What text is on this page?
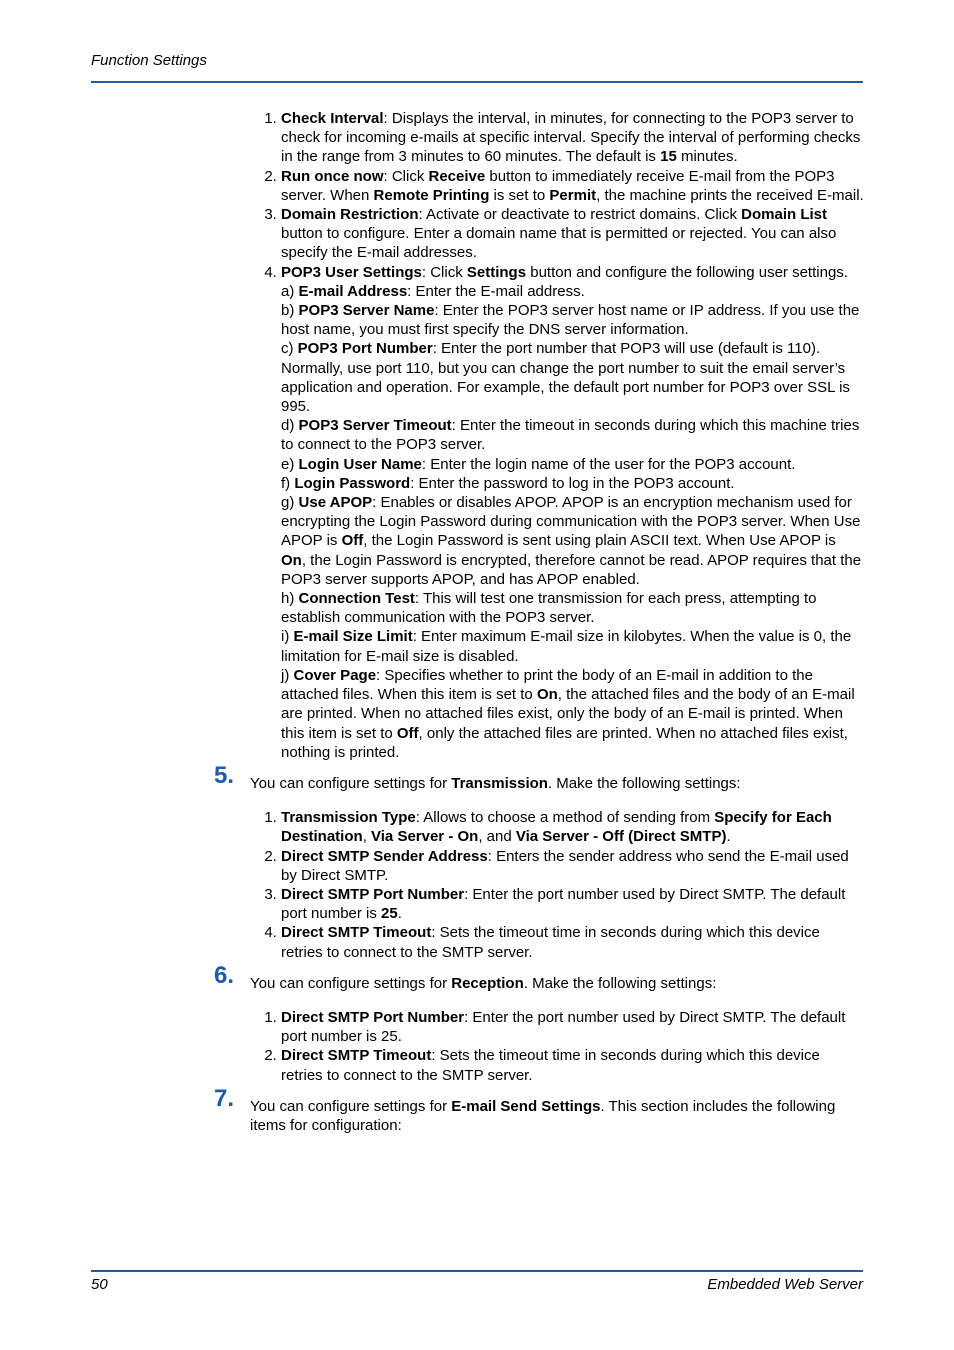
Function Settings
1. Check Interval: Displays the interval, in minutes, for connecting to the POP3 server to check for incoming e-mails at specific interval. Specify the interval of performing checks in the range from 3 minutes to 60 minutes. The default is 15 minutes.
2. Run once now: Click Receive button to immediately receive E-mail from the POP3 server. When Remote Printing is set to Permit, the machine prints the received E-mail.
3. Domain Restriction: Activate or deactivate to restrict domains. Click Domain List button to configure. Enter a domain name that is permitted or rejected. You can also specify the E-mail addresses.
4. POP3 User Settings: Click Settings button and configure the following user settings.

a) E-mail Address: Enter the E-mail address.

b) POP3 Server Name: Enter the POP3 server host name or IP address. If you use the host name, you must first specify the DNS server information.

c) POP3 Port Number: Enter the port number that POP3 will use (default is 110). Normally, use port 110, but you can change the port number to suit the email server’s application and operation. For example, the default port number for POP3 over SSL is 995.

d) POP3 Server Timeout: Enter the timeout in seconds during which this machine tries to connect to the POP3 server.

e) Login User Name: Enter the login name of the user for the POP3 account.

f) Login Password: Enter the password to log in the POP3 account.

g) Use APOP: Enables or disables APOP. APOP is an encryption mechanism used for encrypting the Login Password during communication with the POP3 server. When Use APOP is Off, the Login Password is sent using plain ASCII text. When Use APOP is On, the Login Password is encrypted, therefore cannot be read. APOP requires that the POP3 server supports APOP, and has APOP enabled.

h) Connection Test: This will test one transmission for each press, attempting to establish communication with the POP3 server.

i) E-mail Size Limit: Enter maximum E-mail size in kilobytes. When the value is 0, the limitation for E-mail size is disabled.

j) Cover Page: Specifies whether to print the body of an E-mail in addition to the attached files. When this item is set to On, the attached files and the body of an E-mail are printed. When no attached files exist, only the body of an E-mail is printed. When this item is set to Off, only the attached files are printed. When no attached files exist, nothing is printed.

5. You can configure settings for Transmission. Make the following settings:

1. Transmission Type: Allows to choose a method of sending from Specify for Each Destination, Via Server - On, and Via Server - Off (Direct SMTP).
2. Direct SMTP Sender Address: Enters the sender address who send the E-mail used by Direct SMTP.
3. Direct SMTP Port Number: Enter the port number used by Direct SMTP. The default port number is 25.
4. Direct SMTP Timeout: Sets the timeout time in seconds during which this device retries to connect to the SMTP server.
6. You can configure settings for Reception. Make the following settings:

1. Direct SMTP Port Number: Enter the port number used by Direct SMTP. The default port number is 25.
2. Direct SMTP Timeout: Sets the timeout time in seconds during which this device retries to connect to the SMTP server.
7. You can configure settings for E-mail Send Settings. This section includes the following items for configuration:

50	Embedded Web Server
